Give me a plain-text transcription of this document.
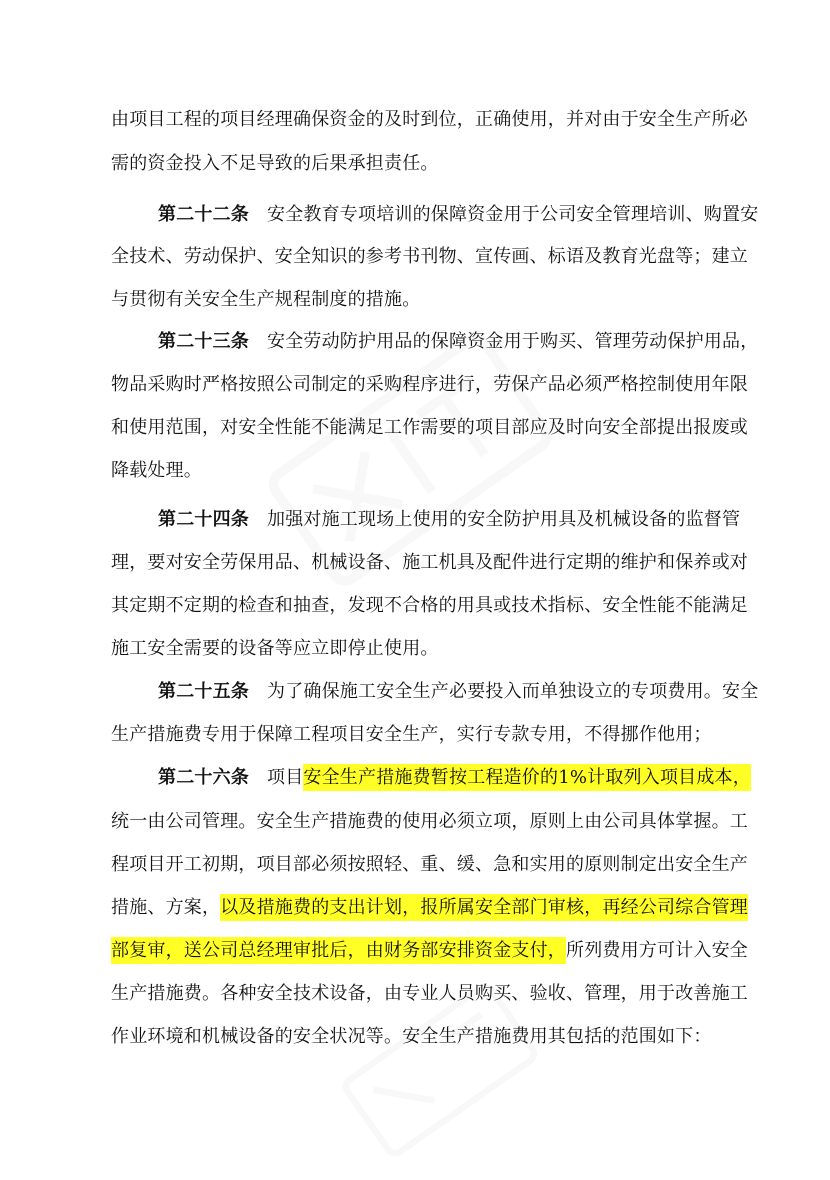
由项目工程的项目经理确保资金的及时到位，正确使用，并对由于安全生产所必
需的资金投入不足导致的后果承担责任。
第二十二条 安全教育专项培训的保障资金用于公司安全管理培训、购置安
全技术、劳动保护、安全知识的参考书刊物、宣传画、标语及教育光盘等；建立
与贯彻有关安全生产规程制度的措施。
第二十三条 安全劳动防护用品的保障资金用于购买、管理劳动保护用品，
物品采购时严格按照公司制定的采购程序进行，劳保产品必须严格控制使用年限
和使用范围，对安全性能不能满足工作需要的项目部应及时向安全部提出报废或
降载处理。
第二十四条 加强对施工现场上使用的安全防护用具及机械设备的监督管
理，要对安全劳保用品、机械设备、施工机具及配件进行定期的维护和保养或对
其定期不定期的检查和抽查，发现不合格的用具或技术指标、安全性能不能满足
施工安全需要的设备等应立即停止使用。
第二十五条 为了确保施工安全生产必要投入而单独设立的专项费用。安全
生产措施费专用于保障工程项目安全生产，实行专款专用，不得挪作他用；
第二十六条 项目安全生产措施费暂按工程造价的1%计取列入项目成本，
统一由公司管理。安全生产措施费的使用必须立项，原则上由公司具体掌握。工
程项目开工初期，项目部必须按照轻、重、缓、急和实用的原则制定出安全生产
措施、方案，以及措施费的支出计划，报所属安全部门审核，再经公司综合管理
部复审，送公司总经理审批后，由财务部安排资金支付，所列费用方可计入安全
生产措施费。各种安全技术设备，由专业人员购买、验收、管理，用于改善施工
作业环境和机械设备的安全状况等。安全生产措施费用其包括的范围如下：
